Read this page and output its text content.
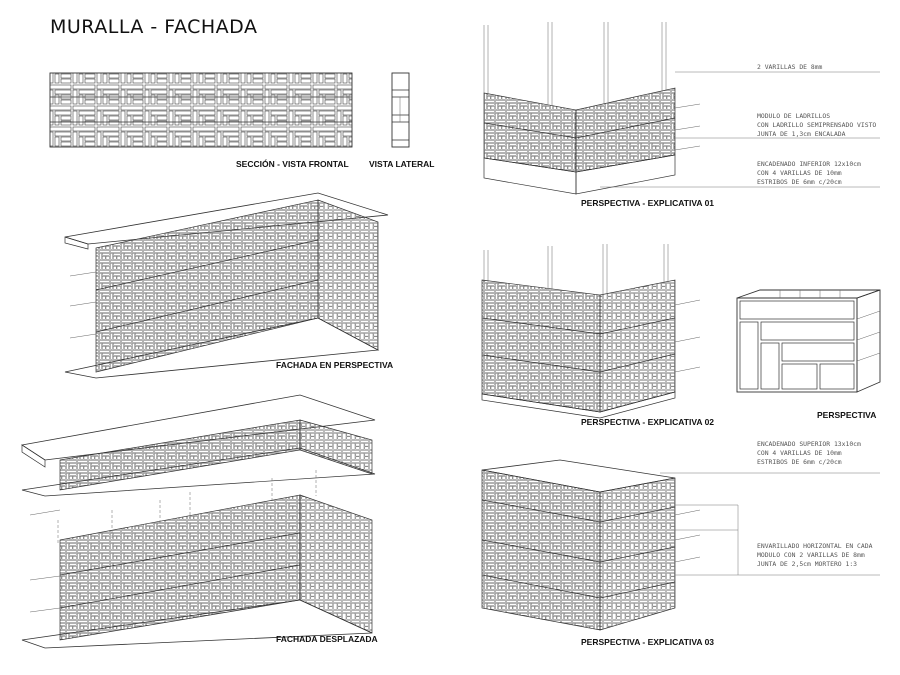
MURALLA - FACHADA
SECCIÓN - VISTA FRONTAL VISTA LATERAL
FACHADA EN PERSPECTIVA
FACHADA DESPLAZADA
PERSPECTIVA - EXPLICATIVA 01
PERSPECTIVA - EXPLICATIVA 02
PERSPECTIVA - EXPLICATIVA 03
PERSPECTIVA
2 VARILLAS DE 8mm
MODULO DE LADRILLOS
CON LADRILLO SEMIPRENSADO VISTO
JUNTA DE 1,3cm ENCALADA
ENCADENADO INFERIOR 12x10cm
CON 4 VARILLAS DE 10mm
ESTRIBOS DE 6mm c/20cm
ENCADENADO SUPERIOR 13x10cm
CON 4 VARILLAS DE 10mm
ESTRIBOS DE 6mm c/20cm
ENVARILLADO HORIZONTAL EN CADA
MODULO CON 2 VARILLAS DE 8mm
JUNTA DE 2,5cm MORTERO 1:3
